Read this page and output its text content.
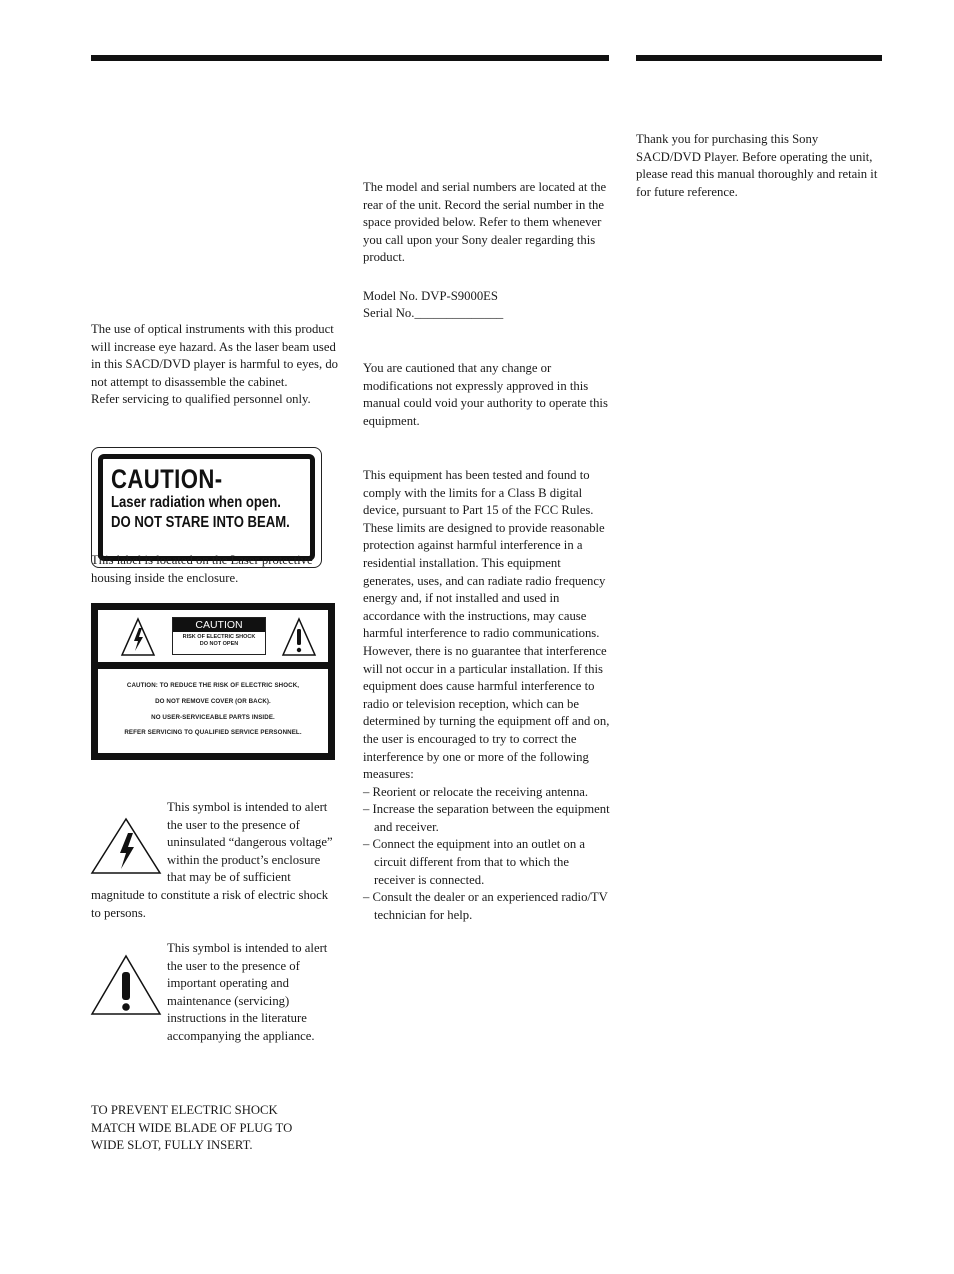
The use of optical instruments with this product will increase eye hazard. As the laser beam used in this SACD/DVD player is harmful to eyes, do not attempt to disassemble the cabinet.

Refer servicing to qualified personnel only.

CAUTION-
Laser radiation when open.
DO NOT STARE INTO BEAM.
This label is located on the Laser protective housing inside the enclosure.
CAUTION
RISK OF ELECTRIC SHOCK
DO NOT OPEN
CAUTION: TO REDUCE THE RISK OF ELECTRIC SHOCK,
DO NOT REMOVE COVER (OR BACK).
NO USER-SERVICEABLE PARTS INSIDE.
REFER SERVICING TO QUALIFIED SERVICE PERSONNEL.
This symbol is intended to alert the user to the presence of uninsulated “dangerous voltage” within the product’s enclosure that may be of sufficient magnitude to constitute a risk of electric shock to persons.
This symbol is intended to alert the user to the presence of important operating and maintenance (servicing) instructions in the literature accompanying the appliance.
TO PREVENT ELECTRIC SHOCK MATCH WIDE BLADE OF PLUG TO WIDE SLOT, FULLY INSERT.
The model and serial numbers are located at the rear of the unit. Record the serial number in the space provided below. Refer to them whenever you call upon your Sony dealer regarding this product.
Model No. DVP-S9000ES
Serial No.______________
You are cautioned that any change or modifications not expressly approved in this manual could void your authority to operate this equipment.

This equipment has been tested and found to comply with the limits for a Class B digital device, pursuant to Part 15 of the FCC Rules. These limits are designed to provide reasonable protection against harmful interference in a residential installation. This equipment generates, uses, and can radiate radio frequency energy and, if not installed and used in accordance with the instructions, may cause harmful interference to radio communications. However, there is no guarantee that interference will not occur in a particular installation. If this equipment does cause harmful interference to radio or television reception, which can be determined by turning the equipment off and on, the user is encouraged to try to correct the interference by one or more of the following measures:

– Reorient or relocate the receiving antenna.
– Increase the separation between the equipment and receiver.
– Connect the equipment into an outlet on a circuit different from that to which the receiver is connected.
– Consult the dealer or an experienced radio/TV technician for help.
Thank you for purchasing this Sony SACD/DVD Player. Before operating the unit, please read this manual thoroughly and retain it for future reference.
